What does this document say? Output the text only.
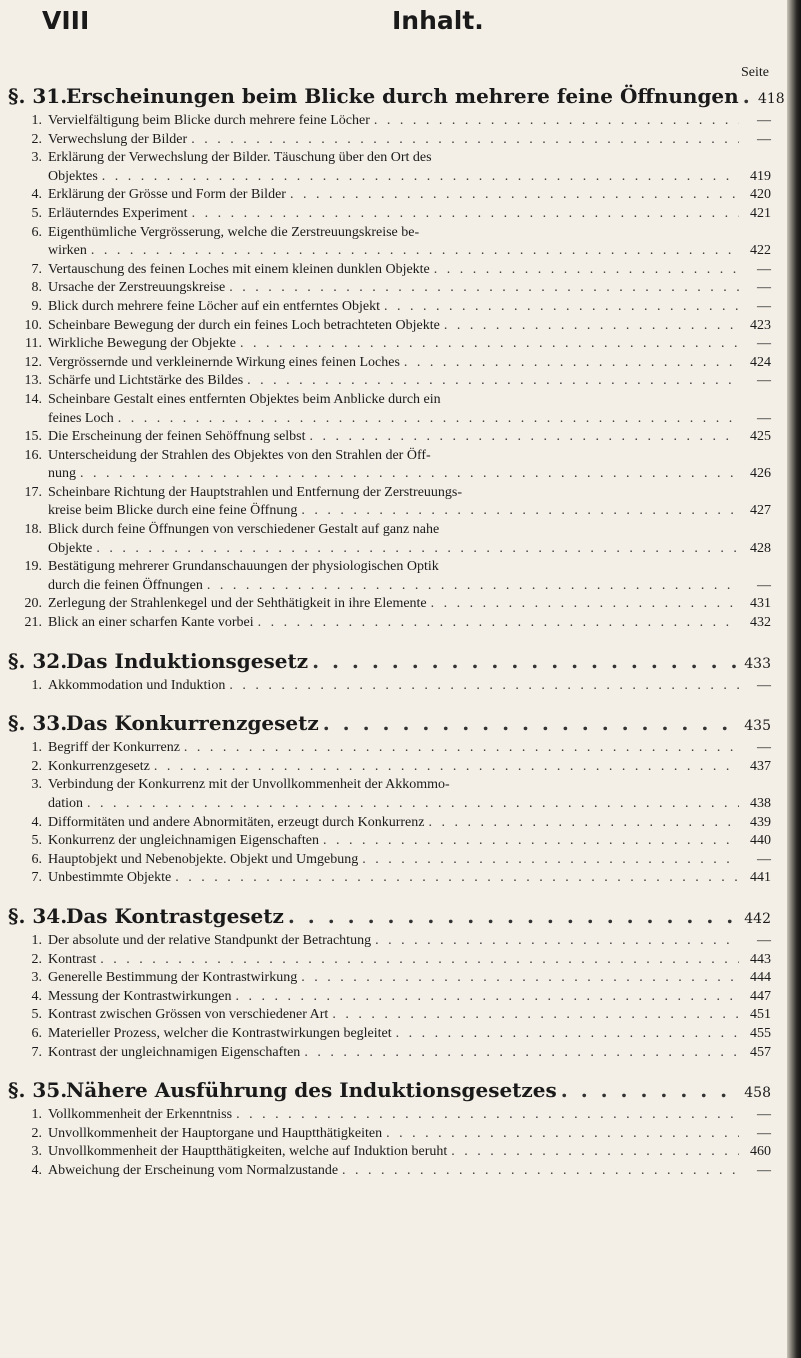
VIII	Inhalt.
Seite
§. 31.
Erscheinungen beim Blicke durch mehrere feine Öffnungen . . . 418
1. Vervielfältigung beim Blicke durch mehrere feine Löcher . . .	—
2. Verwechslung der Bilder . . .	—
3. Erklärung der Verwechslung der Bilder. Täuschung über den Ort des
Objektes . . .	419
4. Erklärung der Grösse und Form der Bilder . . .	420
5. Erläuterndes Experiment . . .	421
6. Eigenthümliche Vergrösserung, welche die Zerstreuungskreise be-
wirken . . .	422
7. Vertauschung des feinen Loches mit einem kleinen dunklen Objekte . . .	—
8. Ursache der Zerstreuungskreise . . .	—
9. Blick durch mehrere feine Löcher auf ein entferntes Objekt . . .	—
10. Scheinbare Bewegung der durch ein feines Loch betrachteten Objekte . . .	423
11. Wirkliche Bewegung der Objekte . . .	—
12. Vergrössernde und verkleinernde Wirkung eines feinen Loches . . .	424
13. Schärfe und Lichtstärke des Bildes . . .	—
14. Scheinbare Gestalt eines entfernten Objektes beim Anblicke durch ein
feines Loch . . .	—
15. Die Erscheinung der feinen Sehöffnung selbst . . .	425
16. Unterscheidung der Strahlen des Objektes von den Strahlen der Öff-
nung . . .	426
17. Scheinbare Richtung der Hauptstrahlen und Entfernung der Zerstreuungs-
kreise beim Blicke durch eine feine Öffnung . . .	427
18. Blick durch feine Öffnungen von verschiedener Gestalt auf ganz nahe
Objekte . . .	428
19. Bestätigung mehrerer Grundanschauungen der physiologischen Optik
durch die feinen Öffnungen . . .	—
20. Zerlegung der Strahlenkegel und der Sehthätigkeit in ihre Elemente . . .	431
21. Blick an einer scharfen Kante vorbei . . .	432
§. 32.
Das Induktionsgesetz . . .	433
1. Akkommodation und Induktion . . .	—
§. 33.
Das Konkurrenzgesetz . . .	435
1. Begriff der Konkurrenz . . .	—
2. Konkurrenzgesetz . . .	437
3. Verbindung der Konkurrenz mit der Unvollkommenheit der Akkommo-
dation . . .	438
4. Difformitäten und andere Abnormitäten, erzeugt durch Konkurrenz . . .	439
5. Konkurrenz der ungleichnamigen Eigenschaften . . .	440
6. Hauptobjekt und Nebenobjekte. Objekt und Umgebung . . .	—
7. Unbestimmte Objekte . . .	441
§. 34.
Das Kontrastgesetz . . .	442
1. Der absolute und der relative Standpunkt der Betrachtung . . .	—
2. Kontrast . . .	443
3. Generelle Bestimmung der Kontrastwirkung . . .	444
4. Messung der Kontrastwirkungen . . .	447
5. Kontrast zwischen Grössen von verschiedener Art . . .	451
6. Materieller Prozess, welcher die Kontrastwirkungen begleitet . . .	455
7. Kontrast der ungleichnamigen Eigenschaften . . .	457
§. 35.
Nähere Ausführung des Induktionsgesetzes . . .	458
1. Vollkommenheit der Erkenntniss . . .	—
2. Unvollkommenheit der Hauptorgane und Hauptthätigkeiten . . .	—
3. Unvollkommenheit der Hauptthätigkeiten, welche auf Induktion beruht . . .	460
4. Abweichung der Erscheinung vom Normalzustande . . .	—
